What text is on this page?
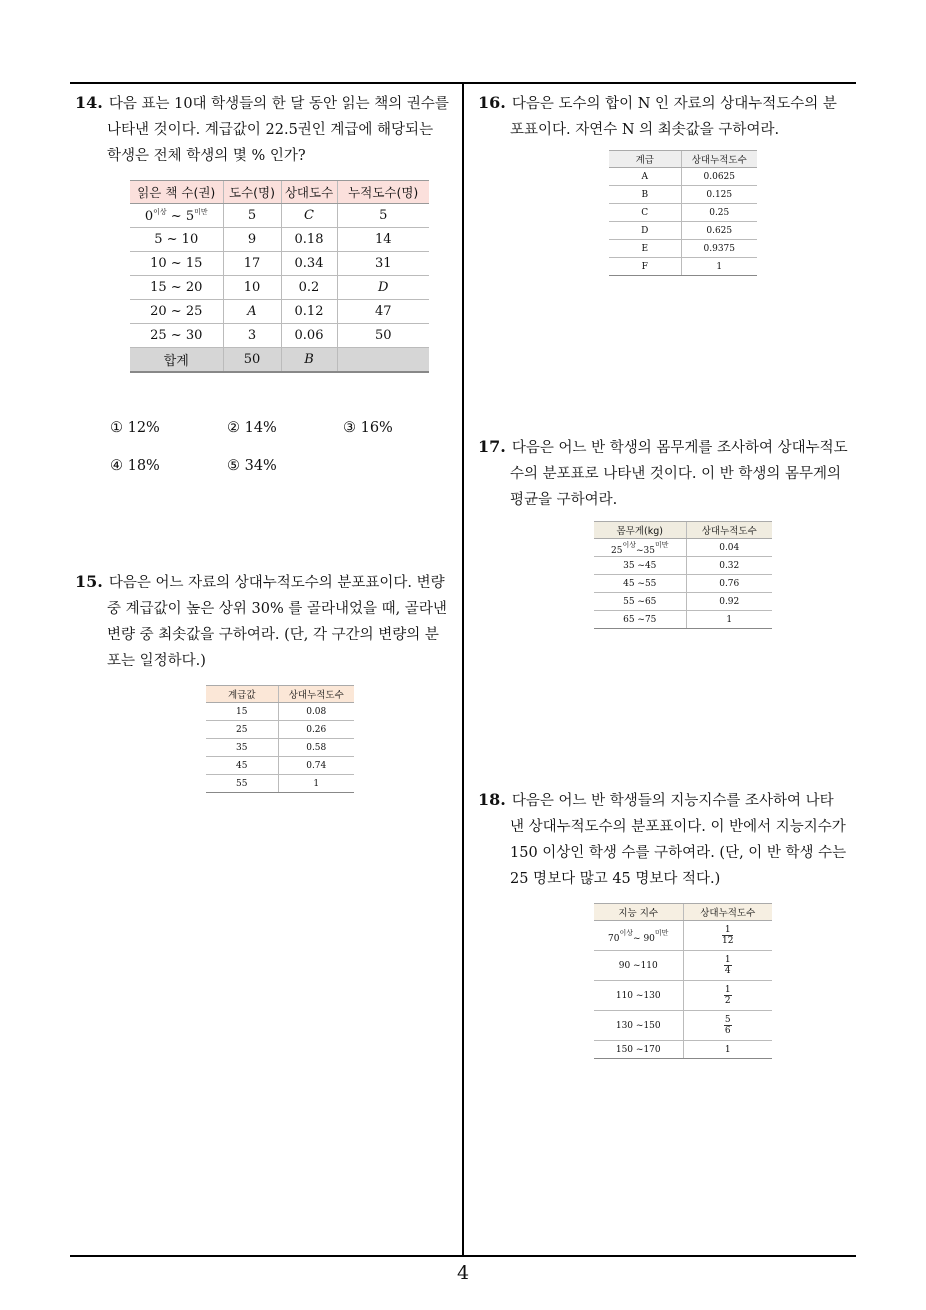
14. 다음 표는 10대 학생들의 한 달 동안 읽는 책의 권수를
나타낸 것이다. 계급값이 22.5권인 계급에 해당되는
학생은 전체 학생의 몇 % 인가?
읽은 책 수(권)	도수(명)	상대도수	누적도수(명)
$0^{이상}$ ~ $5^{미만}$	5	C	5
5 ~ 10	9	0.18	14
10 ~ 15	17	0.34	31
15 ~ 20	10	0.2	D
20 ~ 25	A	0.12	47
25 ~ 30	3	0.06	50
합계	50	B	
① 12%	② 14%	③ 16%
④ 18%	⑤ 34%
15. 다음은 어느 자료의 상대누적도수의 분포표이다. 변량
중 계급값이 높은 상위 30% 를 골라내었을 때, 골라낸
변량 중 최솟값을 구하여라. (단, 각 구간의 변량의 분
포는 일정하다.)
계급값	상대누적도수
15	0.08
25	0.26
35	0.58
45	0.74
55	1
16. 다음은 도수의 합이 N 인 자료의 상대누적도수의 분
포표이다. 자연수 N 의 최솟값을 구하여라.
계급	상대누적도수
A	0.0625
B	0.125
C	0.25
D	0.625
E	0.9375
F	1
17. 다음은 어느 반 학생의 몸무게를 조사하여 상대누적도
수의 분포표로 나타낸 것이다. 이 반 학생의 몸무게의
평균을 구하여라.
몸무게(kg)	상대누적도수
$25^{이상}\sim 35^{미만}$	0.04
35 ~45	0.32
45 ~55	0.76
55 ~65	0.92
65 ~75	1
18. 다음은 어느 반 학생들의 지능지수를 조사하여 나타
낸 상대누적도수의 분포표이다. 이 반에서 지능지수가
150 이상인 학생 수를 구하여라. (단, 이 반 학생 수는
25 명보다 많고 45 명보다 적다.)
지능 지수	상대누적도수
$70^{이상}\sim$ $90^{미만}$	$\frac{1}{12}$

90 ~110	$\frac{1}{4}$

110 ~130	$\frac{1}{2}$

130 ~150	$\frac{5}{6}$

150 ~170	1
4
